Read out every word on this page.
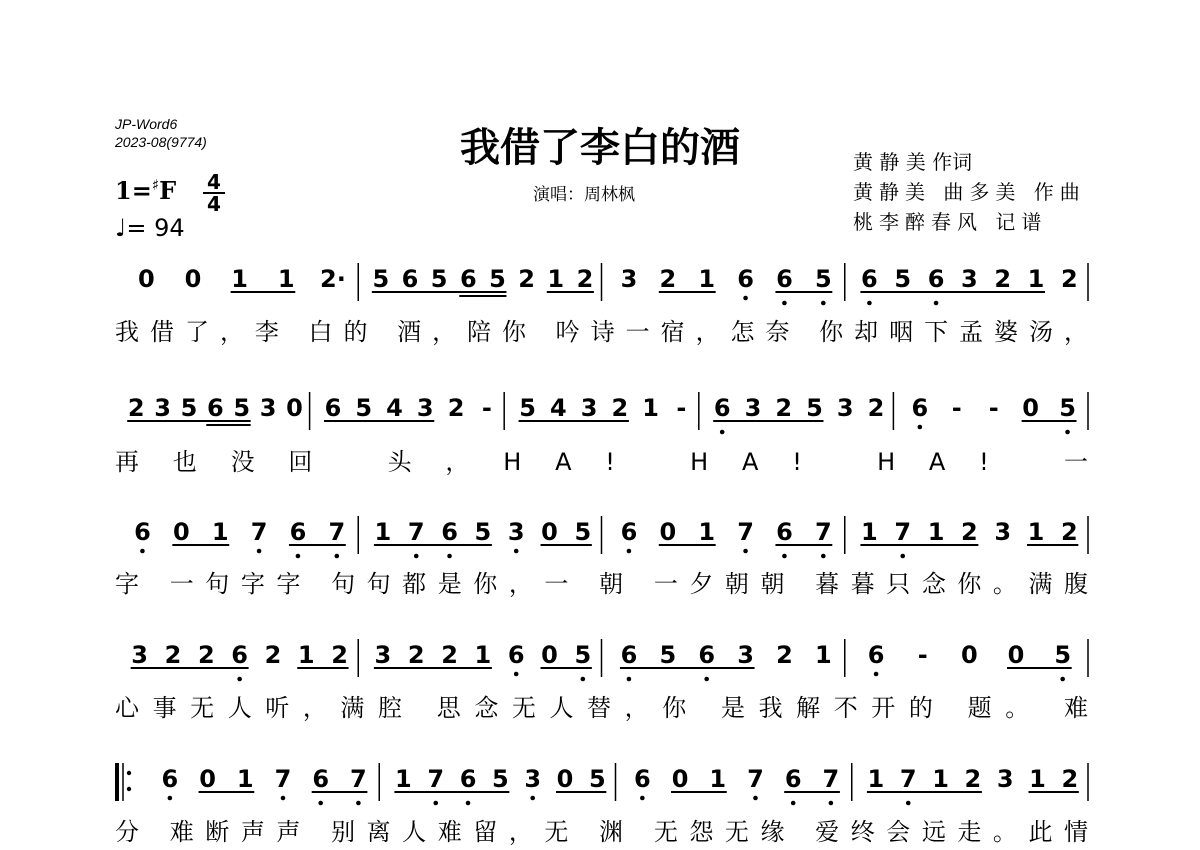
JP-Word6
2023-08(9774)	我借了李白的酒
演唱：周林枫
黄 静 美 作词
黄静美 曲多美 作曲
桃李醉春风 记谱
$1=^♯F \frac{4}{4}$
♩= 94
0 0 1 1 2· 5 6 5 6 5 2 1 2 3 2 1 6 6 5 6 5 6 3 2 1 2
我借了，李 白的 酒，陪你 吟诗一宿，怎奈 你却咽下孟婆汤，
2 3 5 6 5 3 0 6 5 4 3 2 - 5 4 3 2 1 - 6 3 2 5 3 2 6 - - 0 5
再也没回 头，HA! HA! HA! 一
6 0 1 7 6 7 1 7 6 5 3 0 5 6 0 1 7 6 7 1 7 1 2 3 1 2
字 一句字字 句句都是你，一 朝 一夕朝朝 暮暮只念你。满腹
3 2 2 6 2 1 2 3 2 2 1 6 0 5 6 5 6 3 2 1 6 - 0 0 5
心事无人听，满腔 思念无人替，你 是我解不开的 题。 难
6 0 1 7 6 7 1 7 6 5 3 0 5 6 0 1 7 6 7 1 7 1 2 3 1 2
分 难断声声 别离人难留，无 渊 无怨无缘 爱终会远走。此情
